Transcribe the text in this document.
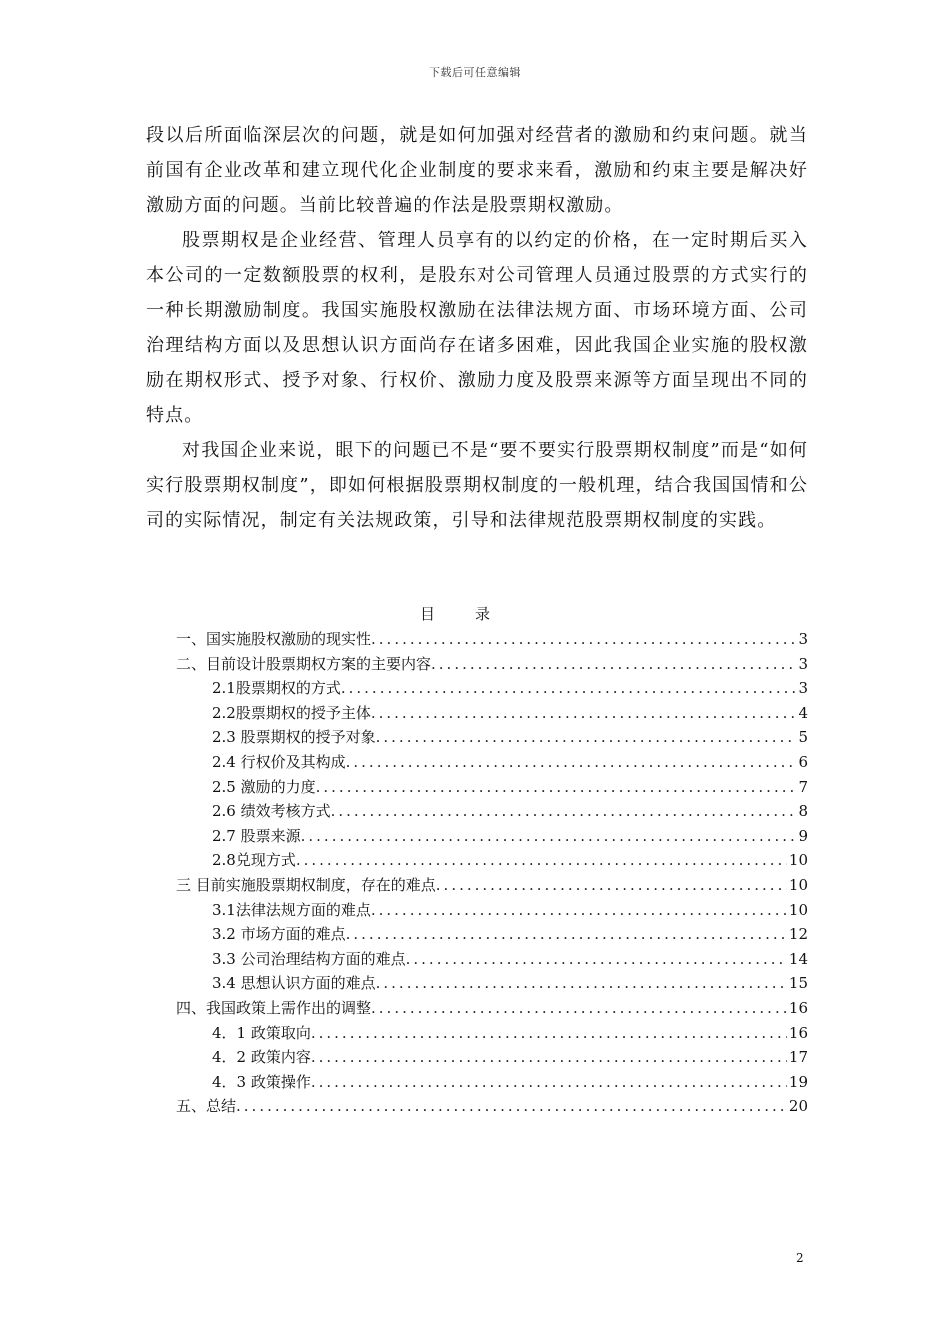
下载后可任意编辑

段以后所面临深层次的问题，就是如何加强对经营者的激励和约束问题。就当前国有企业改革和建立现代化企业制度的要求来看，激励和约束主要是解决好激励方面的问题。当前比较普遍的作法是股票期权激励。

股票期权是企业经营、管理人员享有的以约定的价格，在一定时期后买入本公司的一定数额股票的权利，是股东对公司管理人员通过股票的方式实行的一种长期激励制度。我国实施股权激励在法律法规方面、市场环境方面、公司治理结构方面以及思想认识方面尚存在诸多困难，因此我国企业实施的股权激励在期权形式、授予对象、行权价、激励力度及股票来源等方面呈现出不同的特点。

对我国企业来说，眼下的问题已不是“要不要实行股票期权制度”而是“如何实行股票期权制度”，即如何根据股票期权制度的一般机理，结合我国国情和公司的实际情况，制定有关法规政策，引导和法律规范股票期权制度的实践。

目录
一、国实施股权激励的现实性 .....	3
二、目前设计股票期权方案的主要内容 .....	3
2.1股票期权的方式 .....	3
2.2股票期权的授予主体 .....	4
2.3 股票期权的授予对象 .....	5
2.4 行权价及其构成 .....	6
2.5 激励的力度 .....	7
2.6 绩效考核方式 .....	8
2.7 股票来源 .....	9
2.8兑现方式 .....	10
三 目前实施股票期权制度，存在的难点 .....	10
3.1法律法规方面的难点 .....	10
3.2 市场方面的难点 .....	12
3.3 公司治理结构方面的难点 .....	14
3.4 思想认识方面的难点 .....	15
四、我国政策上需作出的调整 .....	16
4．1 政策取向 .....	16
4．2 政策内容 .....	17
4．3 政策操作 .....	19
五、总结 .....	20
2
